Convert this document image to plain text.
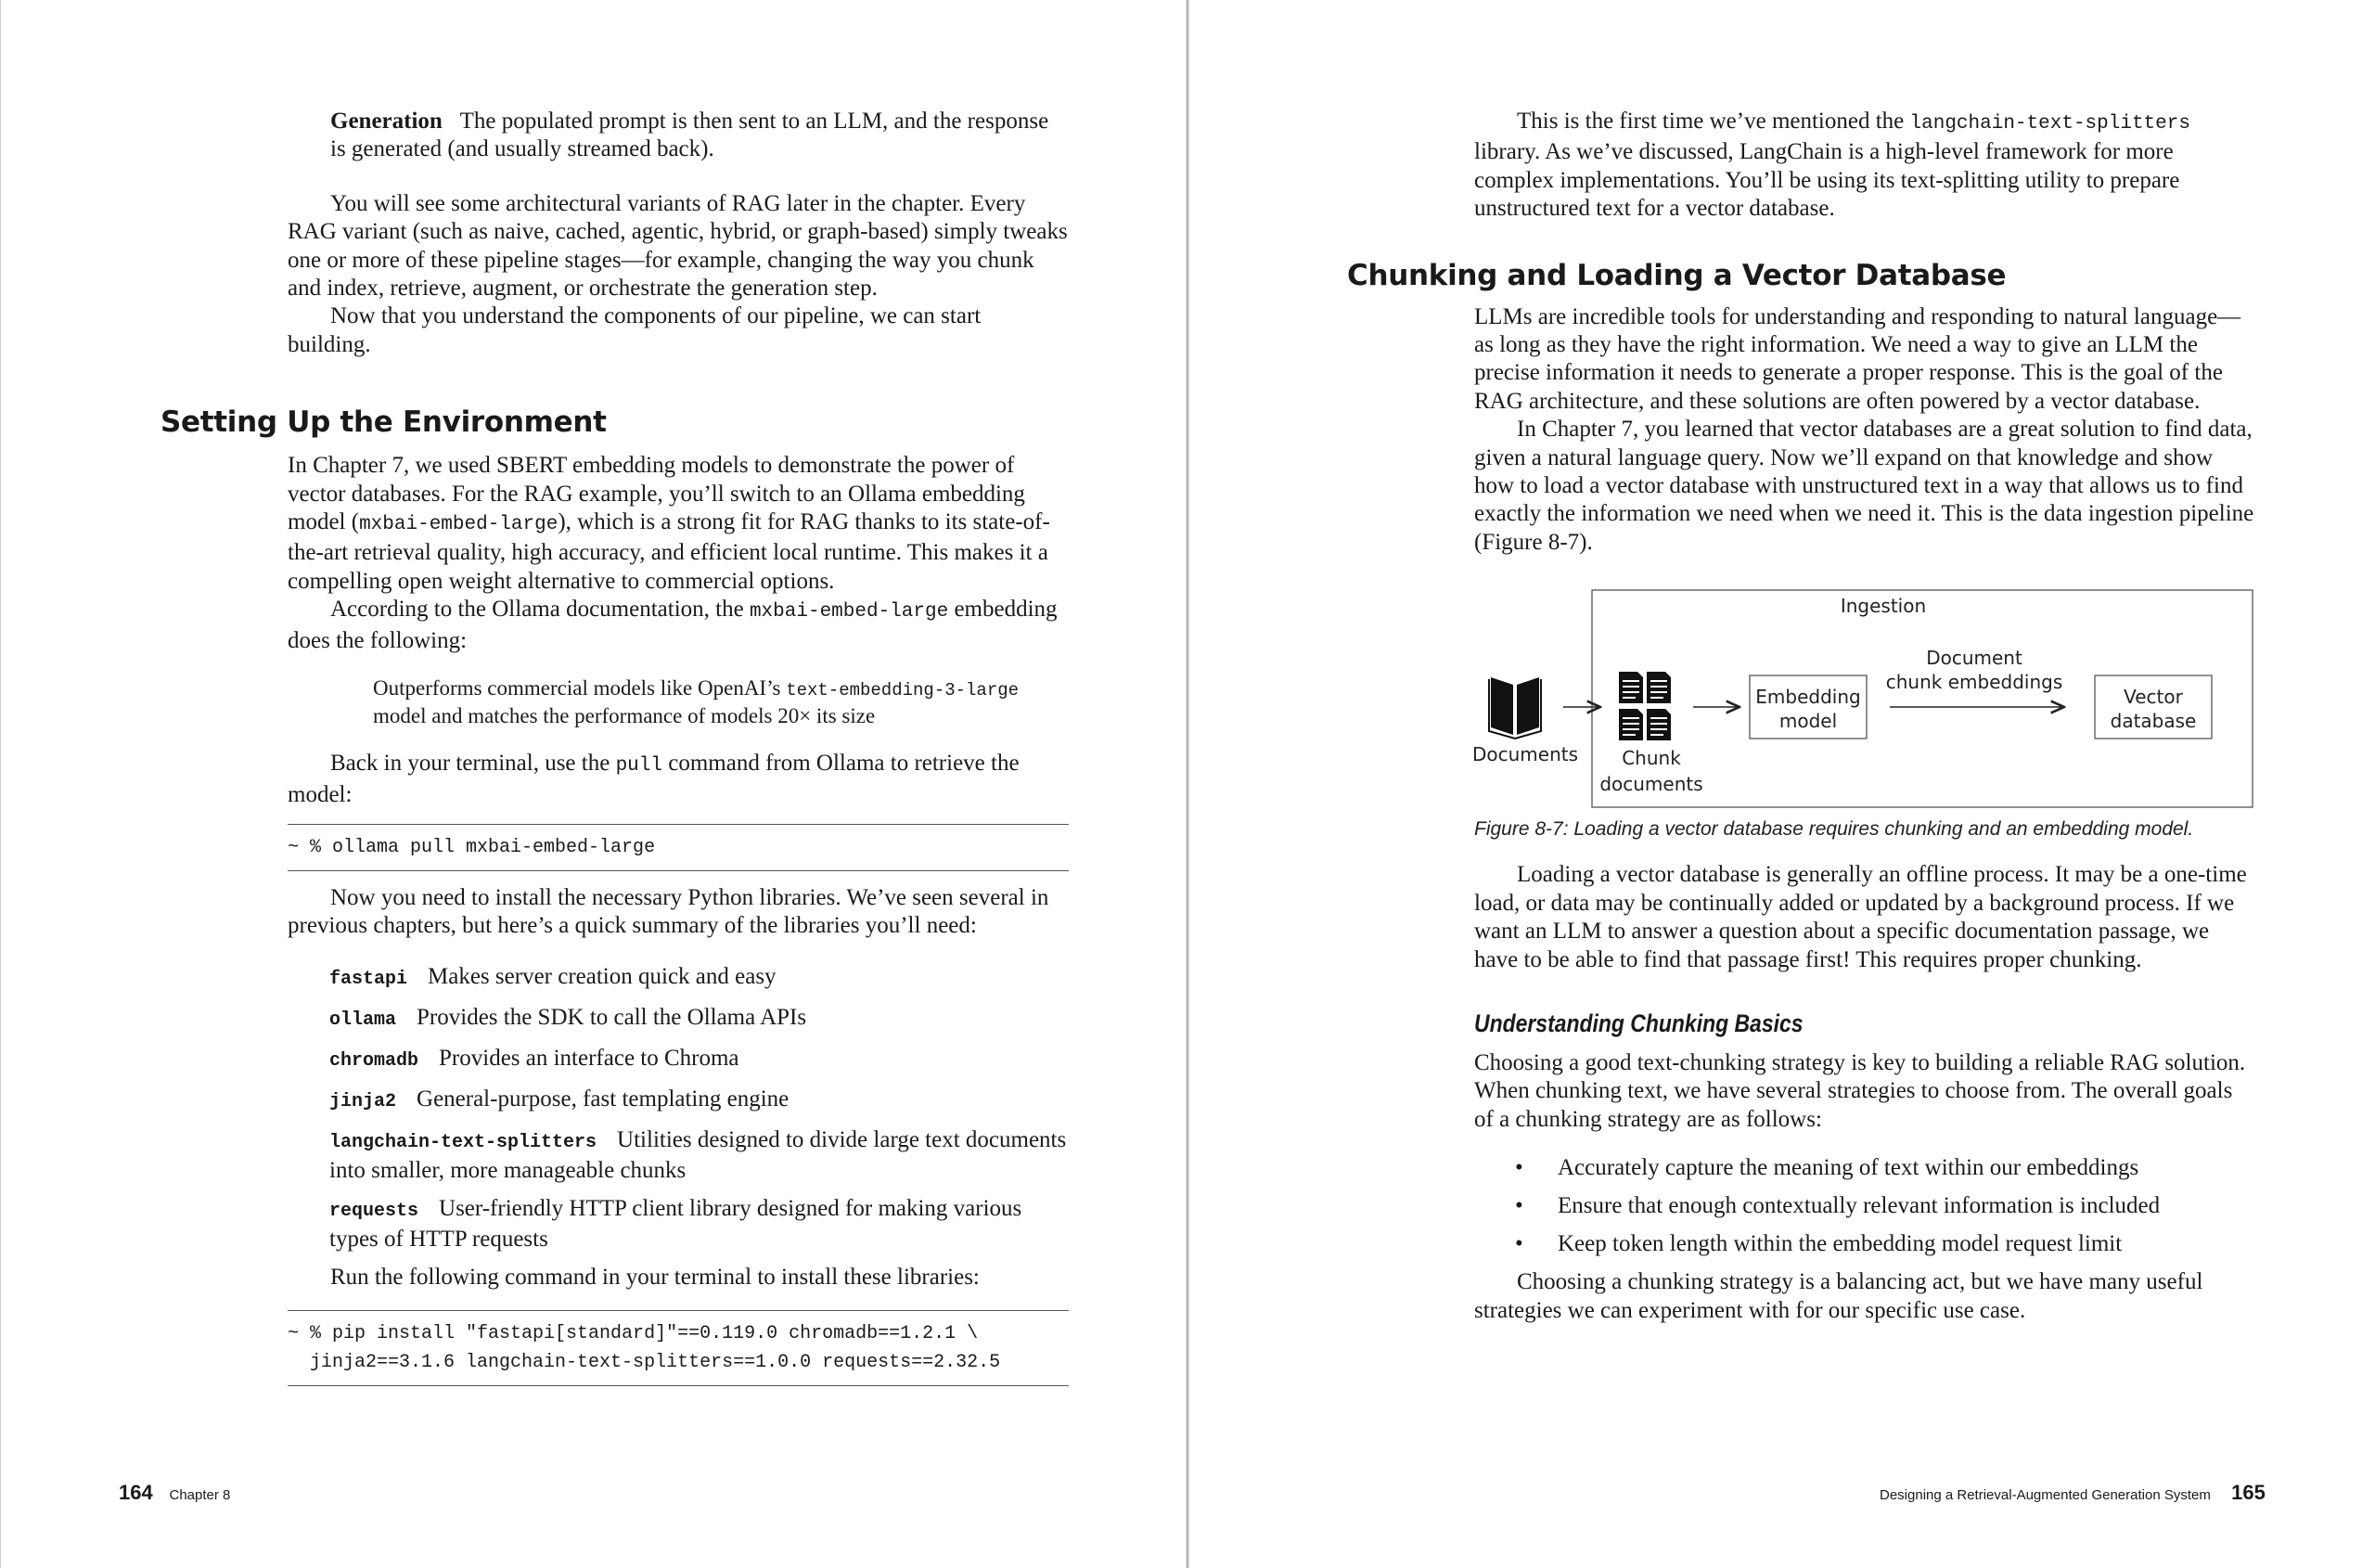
Generation The populated prompt is then sent to an LLM, and the response is generated (and usually streamed back).

You will see some architectural variants of RAG later in the chapter. Every RAG variant (such as naive, cached, agentic, hybrid, or graph-based) simply tweaks one or more of these pipeline stages—for example, changing the way you chunk and index, retrieve, augment, or orchestrate the generation step.

Now that you understand the components of our pipeline, we can start building.

Setting Up the Environment

In Chapter 7, we used SBERT embedding models to demonstrate the power of vector databases. For the RAG example, you’ll switch to an Ollama embedding model (mxbai-embed-large), which is a strong fit for RAG thanks to its state-of-the-art retrieval quality, high accuracy, and efficient local runtime. This makes it a compelling open weight alternative to commercial options.

According to the Ollama documentation, the mxbai-embed-large embedding does the following:

Outperforms commercial models like OpenAI’s text-embedding-3-large model and matches the performance of models 20× its size

Back in your terminal, use the pull command from Ollama to retrieve the model:

~ % ollama pull mxbai-embed-large

Now you need to install the necessary Python libraries. We’ve seen several in previous chapters, but here’s a quick summary of the libraries you’ll need:

fastapi Makes server creation quick and easy
ollama Provides the SDK to call the Ollama APIs
chromadb Provides an interface to Chroma
jinja2 General-purpose, fast templating engine
langchain-text-splitters Utilities designed to divide large text documents into smaller, more manageable chunks
requests User-friendly HTTP client library designed for making various types of HTTP requests

Run the following command in your terminal to install these libraries:

~ % pip install "fastapi[standard]"==0.119.0 chromadb==1.2.1 \
jinja2==3.1.6 langchain-text-splitters==1.0.0 requests==2.32.5
164 Chapter 8

This is the first time we’ve mentioned the langchain-text-splitters library. As we’ve discussed, LangChain is a high-level framework for more complex implementations. You’ll be using its text-splitting utility to prepare unstructured text for a vector database.

Chunking and Loading a Vector Database

LLMs are incredible tools for understanding and responding to natural language—as long as they have the right information. We need a way to give an LLM the precise information it needs to generate a proper response. This is the goal of the RAG architecture, and these solutions are often powered by a vector database.

In Chapter 7, you learned that vector databases are a great solution to find data, given a natural language query. Now we’ll expand on that knowledge and show how to load a vector database with unstructured text in a way that allows us to find exactly the information we need when we need it. This is the data ingestion pipeline (Figure 8-7).

Ingestion
Documents Chunk
documents
Embedding
model
Document
chunk embeddings
Vector
database
Figure 8-7: Loading a vector database requires chunking and an embedding model.

Loading a vector database is generally an offline process. It may be a one-time load, or data may be continually added or updated by a background process. If we want an LLM to answer a question about a specific documentation passage, we have to be able to find that passage first! This requires proper chunking.

Understanding Chunking Basics

Choosing a good text-chunking strategy is key to building a reliable RAG solution. When chunking text, we have several strategies to choose from. The overall goals of a chunking strategy are as follows:

• Accurately capture the meaning of text within our embeddings
• Ensure that enough contextually relevant information is included
• Keep token length within the embedding model request limit

Choosing a chunking strategy is a balancing act, but we have many useful strategies we can experiment with for our specific use case.

Designing a Retrieval-Augmented Generation System 165
